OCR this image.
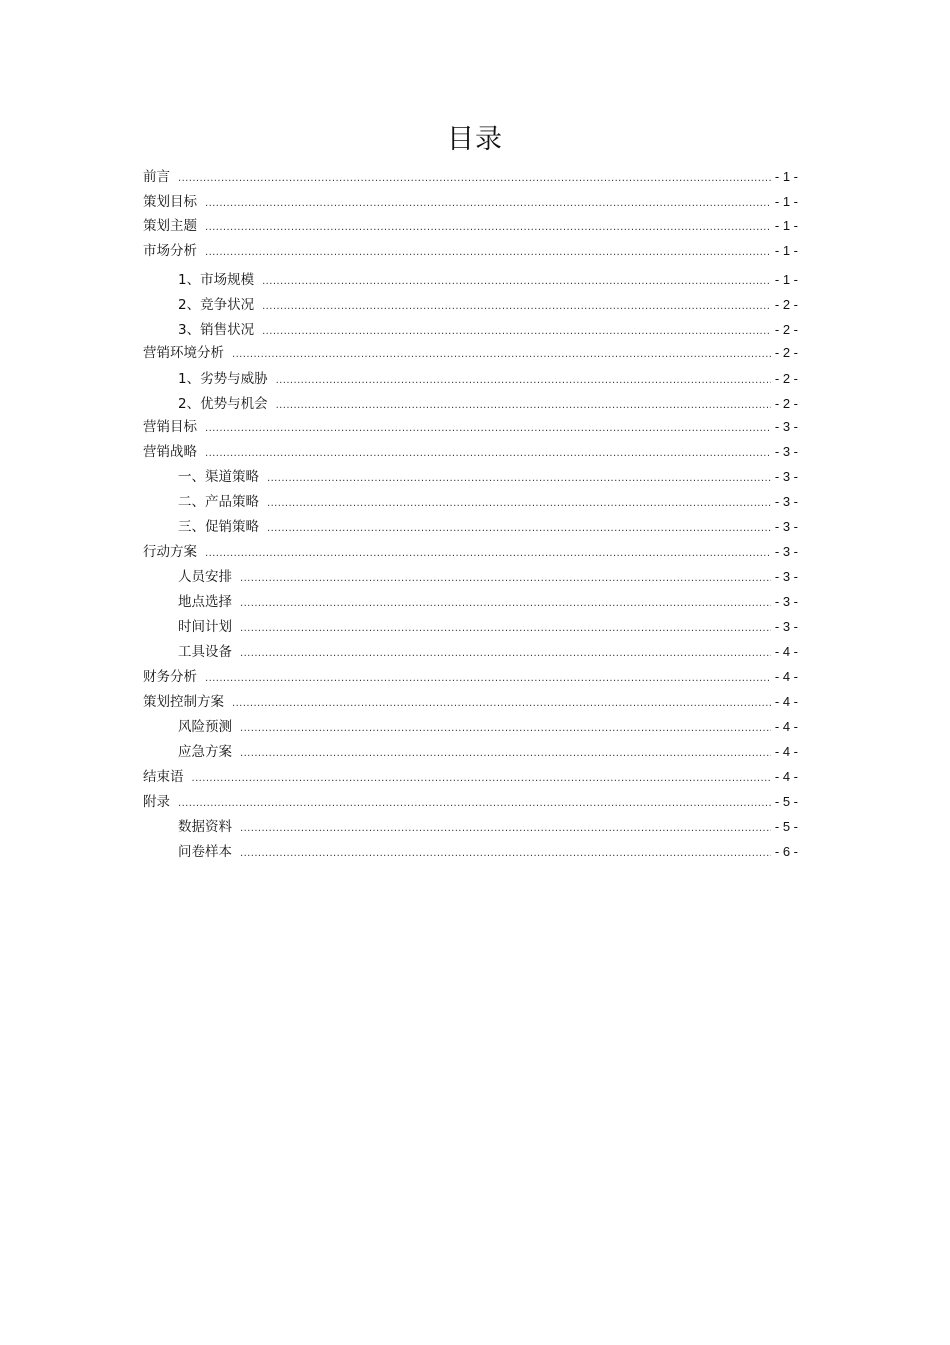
目录
前言 .....	- 1 -
策划目标 .....	- 1 -
策划主题 .....	- 1 -
市场分析 .....	- 1 -
1、市场规模 .....	- 1 -
2、竞争状况 .....	- 2 -
3、销售状况 .....	- 2 -
营销环境分析 .....	- 2 -
1、劣势与威胁 .....	- 2 -
2、优势与机会 .....	- 2 -
营销目标 .....	- 3 -
营销战略 .....	- 3 -
一、渠道策略 .....	- 3 -
二、产品策略 .....	- 3 -
三、促销策略 .....	- 3 -
行动方案 .....	- 3 -
人员安排 .....	- 3 -
地点选择 .....	- 3 -
时间计划 .....	- 3 -
工具设备 .....	- 4 -
财务分析 .....	- 4 -
策划控制方案 .....	- 4 -
风险预测 .....	- 4 -
应急方案 .....	- 4 -
结束语 .....	- 4 -
附录 .....	- 5 -
数据资料 .....	- 5 -
问卷样本 .....	- 6 -
